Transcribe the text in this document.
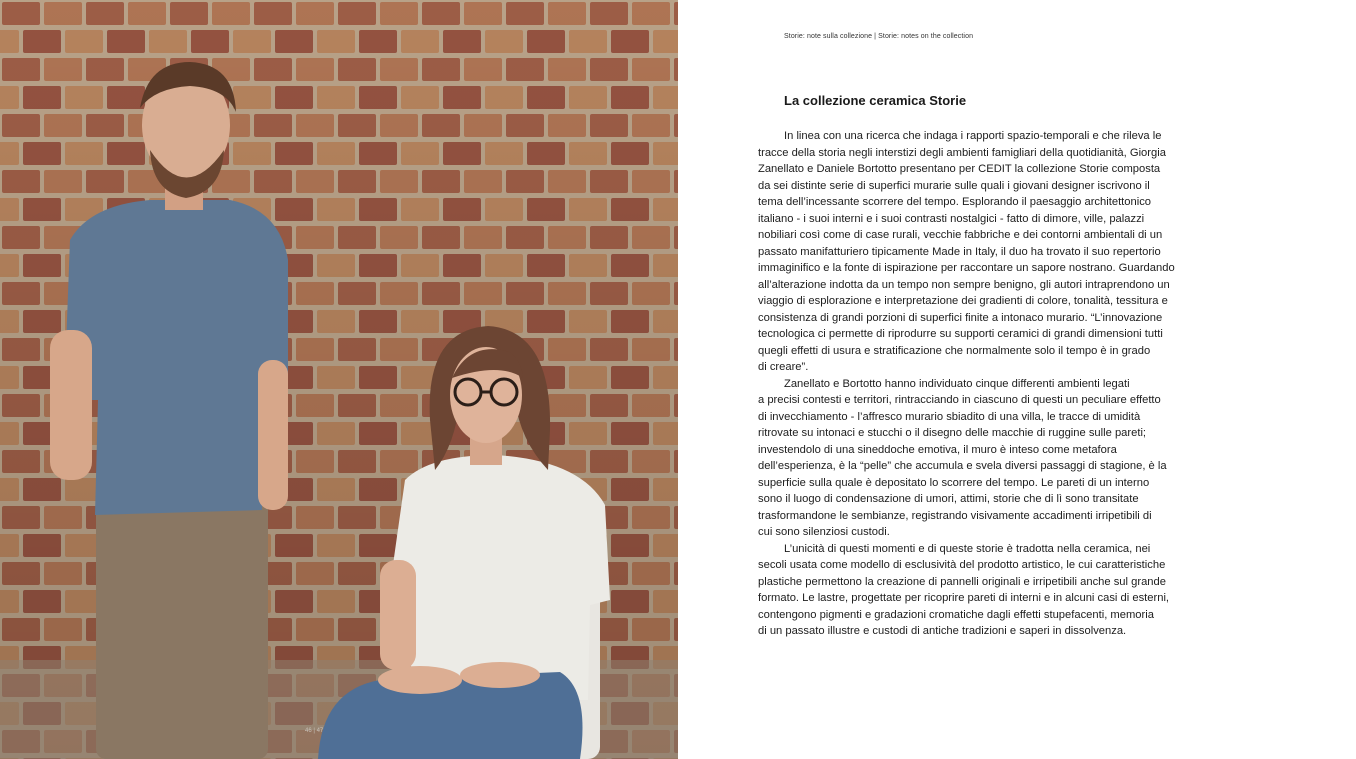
Storie: note sulla collezione | Storie: notes on the collection
La collezione ceramica Storie
In linea con una ricerca che indaga i rapporti spazio-temporali e che rileva le
tracce della storia negli interstizi degli ambienti famigliari della quotidianità, Giorgia
Zanellato e Daniele Bortotto presentano per CEDIT la collezione Storie composta
da sei distinte serie di superfici murarie sulle quali i giovani designer iscrivono il
tema dell’incessante scorrere del tempo. Esplorando il paesaggio architettonico
italiano - i suoi interni e i suoi contrasti nostalgici - fatto di dimore, ville, palazzi
nobiliari così come di case rurali, vecchie fabbriche e dei contorni ambientali di un
passato manifatturiero tipicamente Made in Italy, il duo ha trovato il suo repertorio
immaginifico e la fonte di ispirazione per raccontare un sapore nostrano. Guardando
all’alterazione indotta da un tempo non sempre benigno, gli autori intraprendono un
viaggio di esplorazione e interpretazione dei gradienti di colore, tonalità, tessitura e
consistenza di grandi porzioni di superfici finite a intonaco murario. “L’innovazione
tecnologica ci permette di riprodurre su supporti ceramici di grandi dimensioni tutti
quegli effetti di usura e stratificazione che normalmente solo il tempo è in grado
di creare”.
Zanellato e Bortotto hanno individuato cinque differenti ambienti legati
a precisi contesti e territori, rintracciando in ciascuno di questi un peculiare effetto
di invecchiamento - l’affresco murario sbiadito di una villa, le tracce di umidità
ritrovate su intonaci e stucchi o il disegno delle macchie di ruggine sulle pareti;
investendolo di una sineddoche emotiva, il muro è inteso come metafora
dell’esperienza, è la “pelle” che accumula e svela diversi passaggi di stagione, è la
superficie sulla quale è depositato lo scorrere del tempo. Le pareti di un interno
sono il luogo di condensazione di umori, attimi, storie che di lì sono transitate
trasformandone le sembianze, registrando visivamente accadimenti irripetibili di
cui sono silenziosi custodi.
L’unicità di questi momenti e di queste storie è tradotta nella ceramica, nei
secoli usata come modello di esclusività del prodotto artistico, le cui caratteristiche
plastiche permettono la creazione di pannelli originali e irripetibili anche sul grande
formato. Le lastre, progettate per ricoprire pareti di interni e in alcuni casi di esterni,
contengono pigmenti e gradazioni cromatiche dagli effetti stupefacenti, memoria
di un passato illustre e custodi di antiche tradizioni e saperi in dissolvenza.
46 | 47
